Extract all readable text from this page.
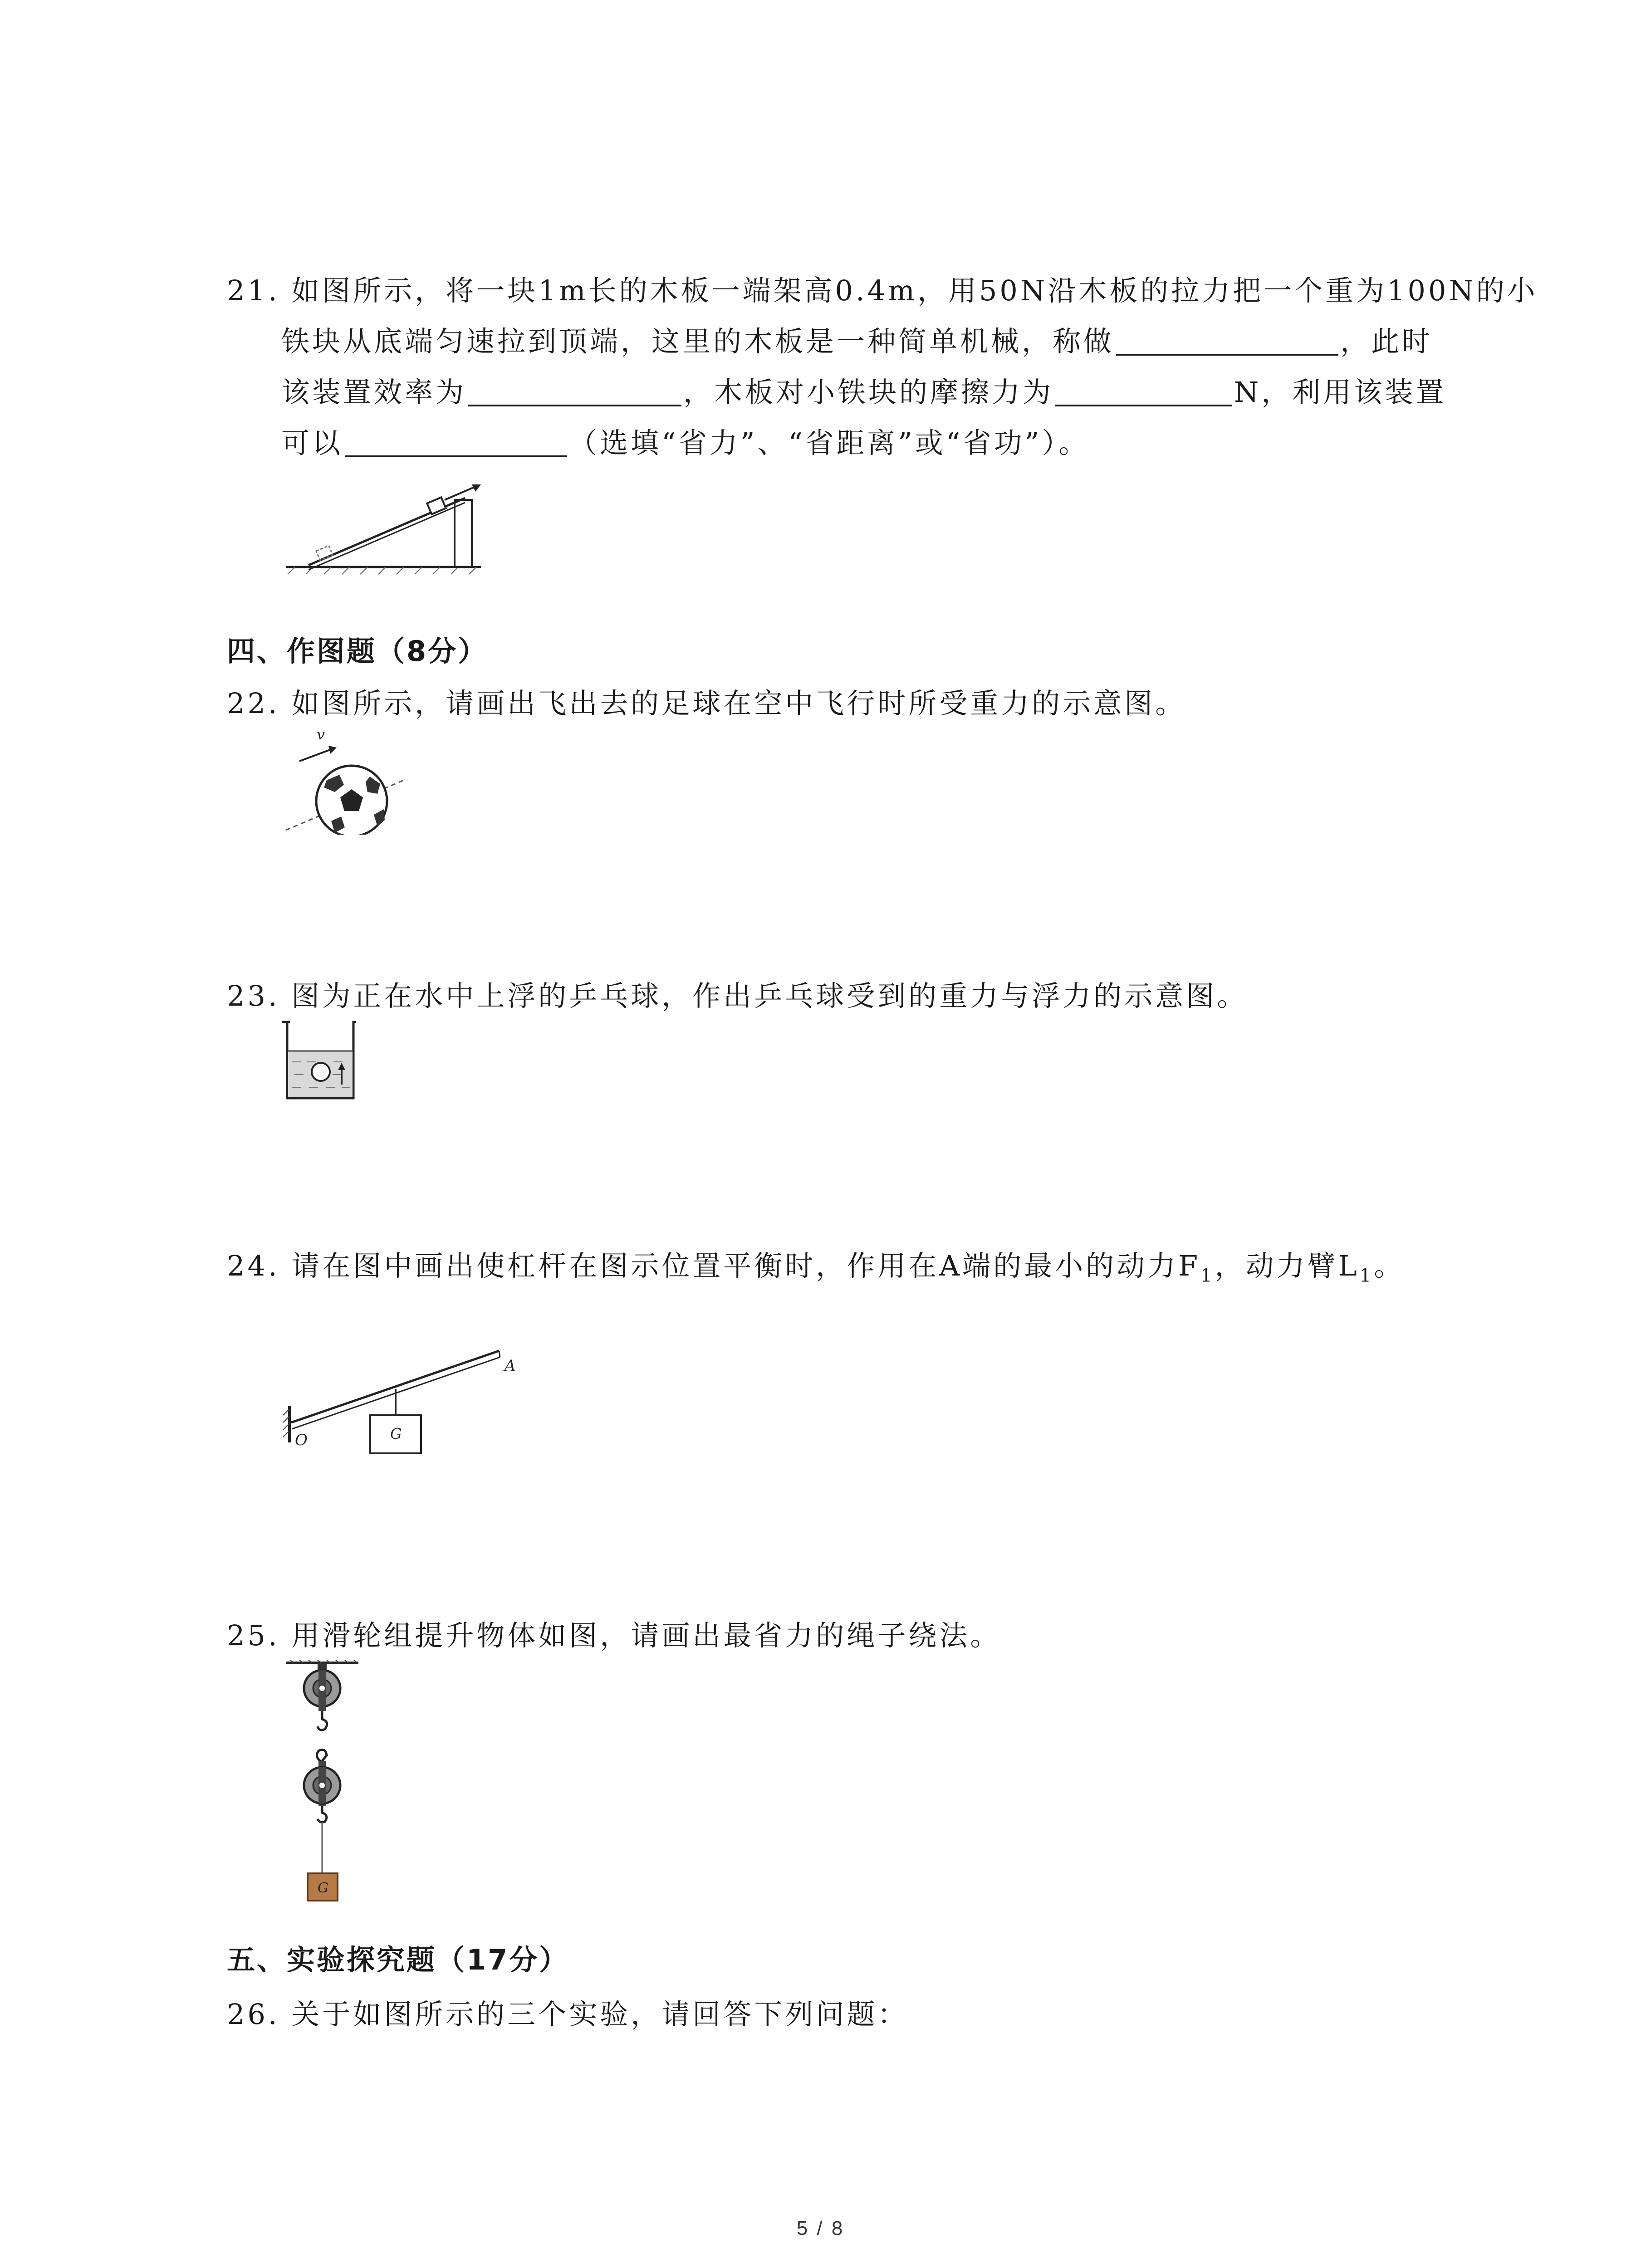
21. 如图所示，将一块1m长的木板一端架高0.4m，用50N沿木板的拉力把一个重为100N的小
铁块从底端匀速拉到顶端，这里的木板是一种简单机械，称做	，此时
该装置效率为	，木板对小铁块的摩擦力为	N，利用该装置
可以	（选填“省力”、“省距离”或“省功”）。
四、作图题（8分）
22. 如图所示，请画出飞出去的足球在空中飞行时所受重力的示意图。
v
23. 图为正在水中上浮的乒乓球，作出乒乓球受到的重力与浮力的示意图。
24. 请在图中画出使杠杆在图示位置平衡时，作用在A端的最小的动力$F_1$，动力臂$L_1$。
A
O	G
25. 用滑轮组提升物体如图，请画出最省力的绳子绕法。
G
五、实验探究题（17分）
26. 关于如图所示的三个实验，请回答下列问题：
5 / 8
